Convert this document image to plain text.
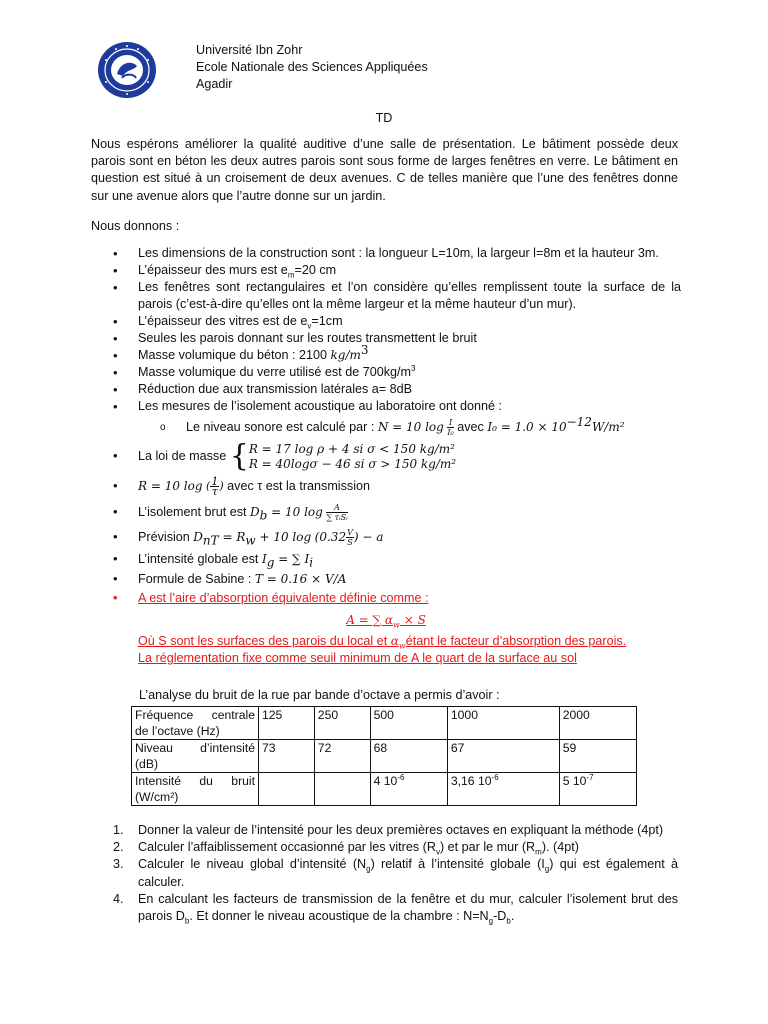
Université Ibn Zohr
Ecole Nationale des Sciences Appliquées
Agadir
TD
Nous espérons améliorer la qualité auditive d’une salle de présentation. Le bâtiment possède deux parois sont en béton les deux autres parois sont sous forme de larges fenêtres en verre. Le bâtiment en question est situé à un croisement de deux avenues. C de telles manière que l’une des fenêtres donne sur une avenue alors que l’autre donne sur un jardin.
Nous donnons :
• Les dimensions de la construction sont : la longueur L=10m, la largeur l=8m et la hauteur 3m.
• L’épaisseur des murs est $e_m=20$ cm
• Les fenêtres sont rectangulaires et l’on considère qu’elles remplissent toute la surface de la parois (c’est-à-dire qu’elles ont la même largeur et la même hauteur d’un mur).
• L’épaisseur des vitres est de $e_v=1cm$
• Seules les parois donnant sur les routes transmettent le bruit
• Masse volumique du béton : 2100 $kg/m^3$
• Masse volumique du verre utilisé est de $700kg/m^3$
• Réduction due aux transmission latérales a= 8dB
• Les mesures de l’isolement acoustique au laboratoire ont donné :
o Le niveau sonore est calculé par : N = 10 $\log \frac{I}{\text{I₀}}$ avec $I_0 = 1.0 \times 10^{-12}W/m^2$
• La loi de masse { R = 17 log ρ + 4 si σ < 150 kg/m²
R = 40logσ − 46 si σ > 150 kg/m²
• R = 10 log ( $\frac{1}{\tau}$ ) avec τ est la transmission
• L’isolement brut est $D_b = 10$ $\log \frac{A}{\text{∑ τᵢSᵢ}}$
• Prévision $D_{nT} = R_w + 10$ $\log (0.32 \frac{V}{S}$ ) − a
• L’intensité globale est $I_g$ = ∑ $I_i$
• Formule de Sabine : T = 0.16 × V/A
• A est l’aire d’absorption équivalente définie comme :
A = ∑ $\alpha_w \times S$
Où S sont les surfaces des parois du local et $\alpha_wé\tan t$ le facteur d’absorption des parois.
La réglementation fixe comme seuil minimum de A le quart de la surface au sol
L’analyse du bruit de la rue par bande d’octave a permis d’avoir :
Fréquence centrale de l’octave (Hz)	125	250	500	1000	2000
Niveau d’intensité (dB)	73	72	68	67	59
Intensité du bruit (W/cm²)			4 $10^{-6}$	3,16 $10^{-6}$	5 $10^{-7}$
1. Donner la valeur de l’intensité pour les deux premières octaves en expliquant la méthode (4pt)
2. Calculer l’affaiblissement occasionné par les vitres $(R_v)$ et par le mur $(R_m)$. (4pt)
3. Calculer le niveau global d’intensité $(N_g)$ relatif à l’intensité globale $(I_g)$ qui est également à calculer.
4. En calculant les facteurs de transmission de la fenêtre et du mur, calculer l’isolement brut des parois $D_b$. Et donner le niveau acoustique de la chambre : $N=N_g-D_b$.
